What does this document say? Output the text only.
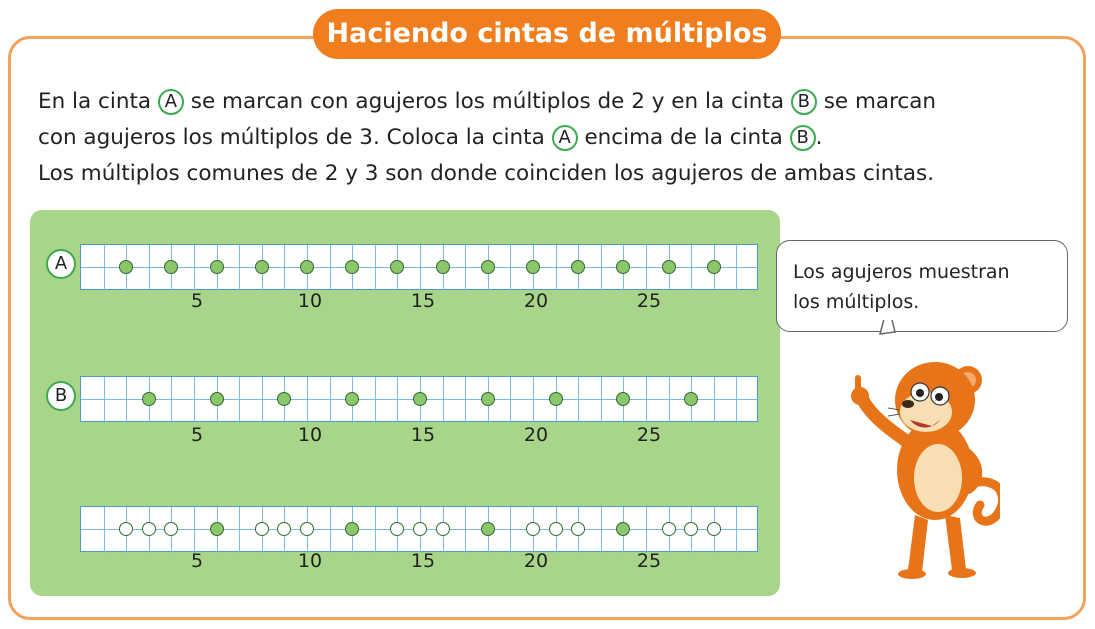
Haciendo cintas de múltiplos
En la cinta A se marcan con agujeros los múltiplos de 2 y en la cinta B se marcan
con agujeros los múltiplos de 3. Coloca la cinta A encima de la cinta B .
Los múltiplos comunes de 2 y 3 son donde coinciden los agujeros de ambas cintas.
A
B
5	10	15	20	25
5	10	15	20	25
5	10	15	20	25
Los agujeros muestran
los múltiplos.
